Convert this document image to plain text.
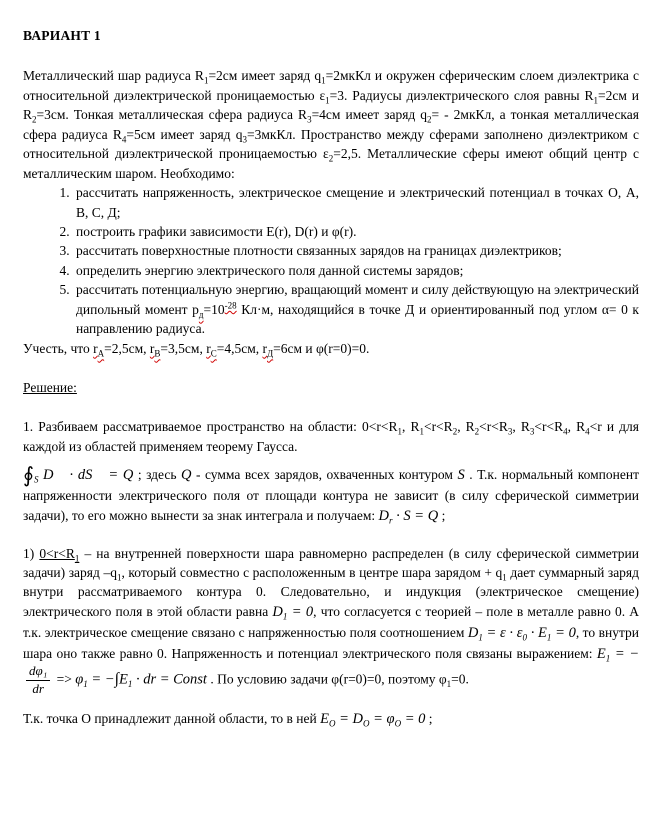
ВАРИАНТ 1

Металлический шар радиуса $R_1=2см$ имеет заряд $q_1=2мкКл$ и окружен сферическим слоем диэлектрика с относительной диэлектрической проницаемостью $\varepsilon_1=3$. Радиусы диэлектрического слоя равны $R_1=2см$ и $R_2=3см$. Тонкая металлическая сфера радиуса $R_3=4см$ имеет заряд $q_2=$ - 2мкКл, а тонкая металлическая сфера радиуса $R_4=5см$ имеет заряд $q_3=3мкКл$. Пространство между сферами заполнено диэлектриком с относительной диэлектрической проницаемостью $\varepsilon_2=2,5$. Металлические сферы имеют общий центр с металлическим шаром. Необходимо:

1. рассчитать напряженность, электрическое смещение и электрический потенциал в точках О, А, В, С, Д;
2. построить графики зависимости E(r), D(r) и φ(r).
3. рассчитать поверхностные плотности связанных зарядов на границах диэлектриков;
4. определить энергию электрического поля данной системы зарядов;
5. рассчитать потенциальную энергию, вращающий момент и силу действующую на электрический дипольный момент $p_д=10^{-28}$ Кл·м, находящийся в точке Д и ориентированный под углом α= 0 к направлению радиуса.

Учесть, что $r_А=2,5см$, $r_В=3,5см$, $r_С=4,5см$, $r_Д=6см$ и φ(r=0)=0.

Решение:

1. Разбиваем рассматриваемое пространство на области: $0<r<R_1$, $R_1<r<R_2$, $R_2<r<R_3$, $R_3<r<R_4$, $R_4<r$ и для каждой из областей применяем теорему Гаусса.

$∮_S$ D⃗ · dS⃗ = Q ; здесь Q - сумма всех зарядов, охваченных контуром S . Т.к. нормальный компонент напряженности электрического поля от площади контура не зависит (в силу сферической симметрии задачи), то его можно вынести за знак интеграла и получаем: $D_r \cdot S = Q$ ;

1) $0<r<R_1$ – на внутренней поверхности шара равномерно распределен (в силу сферической симметрии задачи) заряд $-q_1$, который совместно с расположенным в центре шара зарядом + $q_1$ дает суммарный заряд внутри рассматриваемого контура 0. Следовательно, и индукция (электрическое смещение) электрического поля в этой области равна $D_1 = 0$, что согласуется с теорией – поле в металле равно 0. А т.к. электрическое смещение связано с напряженностью поля соотношением $D_1 = \varepsilon \cdot \varepsilon_0 \cdot E_1 = 0$, то внутри шара оно также равно 0. Напряженность и потенциал электрического поля связаны выражением: $E_1$ = −
$\frac{\text{dφ₁}}{dr} => \varphi_1 = -\int E_1$ · dr = Const . По условию задачи φ(r=0)=0, поэтому $\varphi_1=0$.

Т.к. точка О принадлежит данной области, то в ней $E_O = D_O = \varphi_O = 0$ ;
